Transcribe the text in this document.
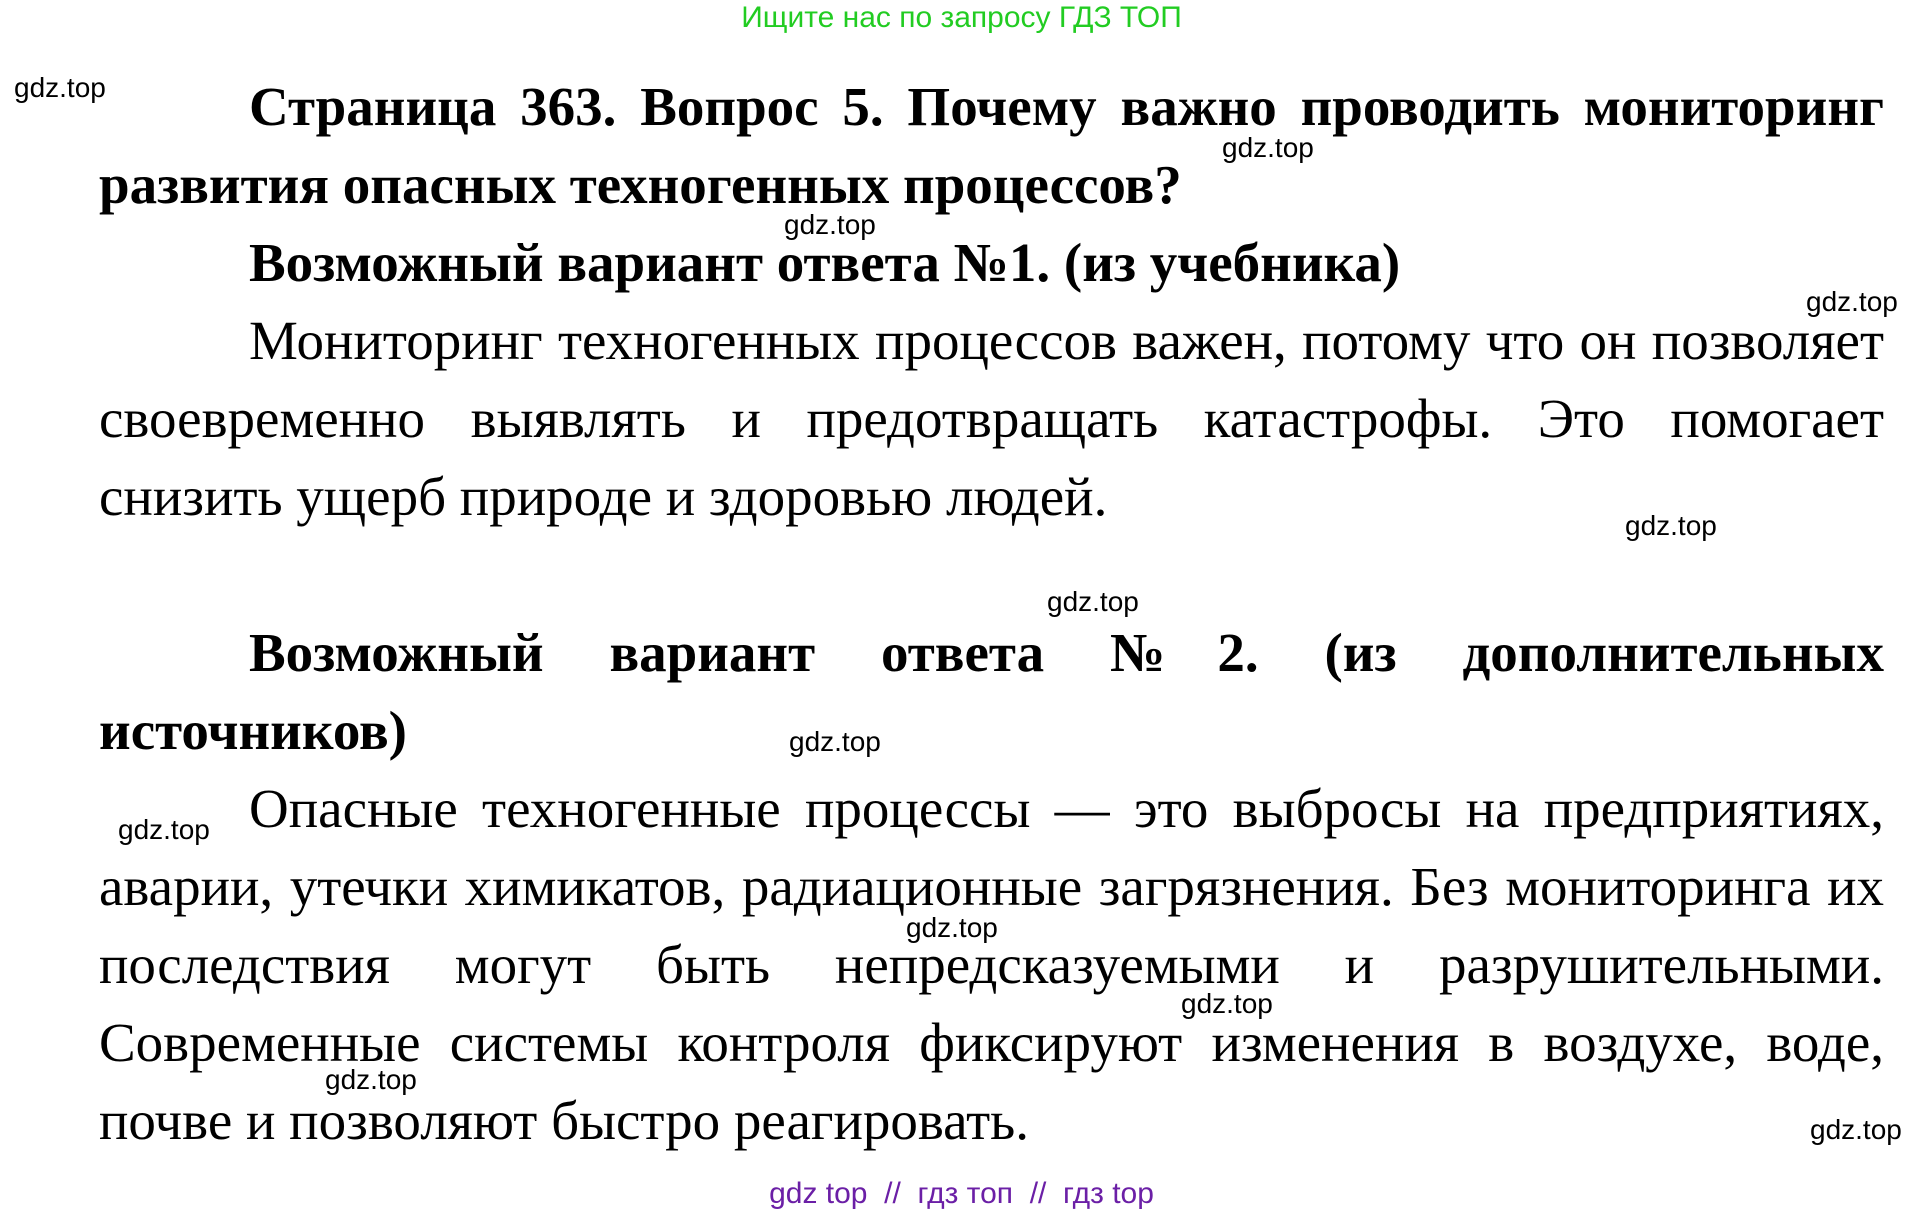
Ищите нас по запросу ГДЗ ТОП

Страница 363. Вопрос 5. Почему важно проводить мониторинг развития опасных техногенных процессов?

Возможный вариант ответа №1. (из учебника)

Мониторинг техногенных процессов важен, потому что он позволяет своевременно выявлять и предотвращать катастрофы. Это помогает снизить ущерб природе и здоровью людей.

Возможный вариант ответа №2. (из дополнительных источников)

Опасные техногенные процессы — это выбросы на предприятиях, аварии, утечки химикатов, радиационные загрязнения. Без мониторинга их последствия могут быть непредсказуемыми и разрушительными. Современные системы контроля фиксируют изменения в воздухе, воде, почве и позволяют быстро реагировать.

gdz.top
gdz.top
gdz.top
gdz.top
gdz.top
gdz.top
gdz.top
gdz.top
gdz.top
gdz.top
gdz.top
gdz.top
gdz top  //  гдз топ  //  гдз top
